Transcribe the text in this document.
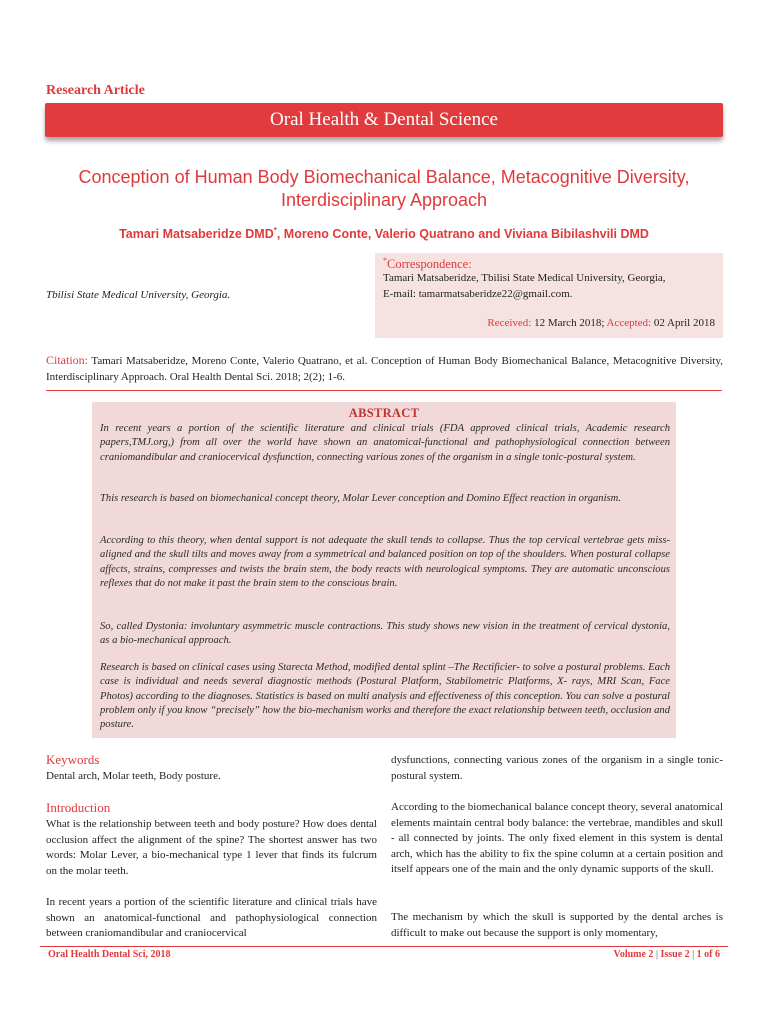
Research Article
Oral Health & Dental Science
Conception of Human Body Biomechanical Balance, Metacognitive Diversity, Interdisciplinary Approach
Tamari Matsaberidze DMD*, Moreno Conte, Valerio Quatrano and Viviana Bibilashvili DMD
Tbilisi State Medical University, Georgia.
*Correspondence:
Tamari Matsaberidze, Tbilisi State Medical University, Georgia,
E-mail: tamarmatsaberidze22@gmail.com.
Received: 12 March 2018; Accepted: 02 April 2018
Citation: Tamari Matsaberidze, Moreno Conte, Valerio Quatrano, et al. Conception of Human Body Biomechanical Balance, Metacognitive Diversity, Interdisciplinary Approach. Oral Health Dental Sci. 2018; 2(2); 1-6.
ABSTRACT
In recent years a portion of the scientific literature and clinical trials (FDA approved clinical trials, Academic research papers,TMJ.org,) from all over the world have shown an anatomical-functional and pathophysiological connection between craniomandibular and craniocervical dysfunction, connecting various zones of the organism in a single tonic-postural system.
This research is based on biomechanical concept theory, Molar Lever conception and Domino Effect reaction in organism.
According to this theory, when dental support is not adequate the skull tends to collapse. Thus the top cervical vertebrae gets miss-aligned and the skull tilts and moves away from a symmetrical and balanced position on top of the shoulders. When postural collapse affects, strains, compresses and twists the brain stem, the body reacts with neurological symptoms. They are automatic unconscious reflexes that do not make it past the brain stem to the conscious brain.
So, called Dystonia: involuntary asymmetric muscle contractions. This study shows new vision in the treatment of cervical dystonia, as a bio-mechanical approach.
Research is based on clinical cases using Starecta Method, modified dental splint –The Rectificier- to solve a postural problems. Each case is individual and needs several diagnostic methods (Postural Platform, Stabilometric Platforms, X- rays, MRI Scan, Face Photos) according to the diagnoses. Statistics is based on multi analysis and effectiveness of this conception. You can solve a postural problem only if you know “precisely” how the bio-mechanism works and therefore the exact relationship between teeth, occlusion and posture.
Keywords
Dental arch, Molar teeth, Body posture.
Introduction
What is the relationship between teeth and body posture? How does dental occlusion affect the alignment of the spine? The shortest answer has two words: Molar Lever, a bio-mechanical type 1 lever that finds its fulcrum on the molar teeth.
In recent years a portion of the scientific literature and clinical trials have shown an anatomical-functional and pathophysiological connection between craniomandibular and craniocervical
dysfunctions, connecting various zones of the organism in a single tonic-postural system.
According to the biomechanical balance concept theory, several anatomical elements maintain central body balance: the vertebrae, mandibles and skull - all connected by joints. The only fixed element in this system is dental arch, which has the ability to fix the spine column at a certain position and itself appears one of the main and the only dynamic supports of the skull.
The mechanism by which the skull is supported by the dental arches is difficult to make out because the support is only momentary,
Oral Health Dental Sci, 2018	Volume 2 | Issue 2 | 1 of 6
